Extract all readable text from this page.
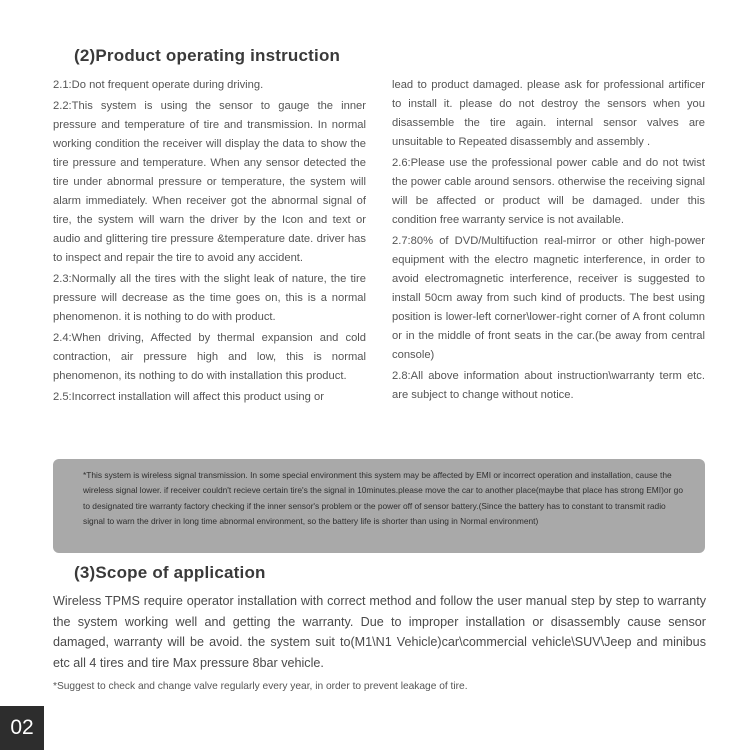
(2)Product operating instruction

2.1:Do not frequent operate during driving.

2.2:This system is using the sensor to gauge the inner pressure and temperature of tire and transmission. In normal working condition the receiver will display the data to show the tire pressure and temperature. When any sensor detected the tire under abnormal pressure or temperature, the system will alarm immediately. When receiver got the abnormal signal of tire, the system will warn the driver by the Icon and text or audio and glittering tire pressure &temperature date. driver has to inspect and repair the tire to avoid any accident.

2.3:Normally all the tires with the slight leak of nature, the tire pressure will decrease as the time goes on, this is a normal phenomenon. it is nothing to do with product.

2.4:When driving, Affected by thermal expansion and cold contraction, air pressure high and low, this is normal phenomenon, its nothing to do with installation this product.

2.5:Incorrect installation will affect this product using or

lead to product damaged. please ask for professional artificer to install it. please do not destroy the sensors when you disassemble the tire again. internal sensor valves are unsuitable to Repeated disassembly and assembly .

2.6:Please use the professional power cable and do not twist the power cable around sensors. otherwise the receiving signal will be affected or product will be damaged. under this condition free warranty service is not available.

2.7:80% of DVD/Multifuction real-mirror or other high-power equipment with the electro magnetic interference, in order to avoid electromagnetic interference, receiver is suggested to install 50cm away from such kind of products. The best using position is lower-left corner\lower-right corner of A front column or in the middle of front seats in the car.(be away from central console)

2.8:All above information about instruction\warranty term etc. are subject to change without notice.

*This system is wireless signal transmission. In some special environment this system may be affected by EMI or incorrect operation and installation, cause the wireless signal lower. if receiver couldn't recieve certain tire's the signal in 10minutes.please move the car to another place(maybe that place has strong EMI)or go to designated tire warranty factory checking if the inner sensor's problem or the power off of sensor battery.(Since the battery has to constant to transmit radio signal to warn the driver in long time abnormal environment, so the battery life is shorter than using in Normal environment)
(3)Scope of application

Wireless TPMS require operator installation with correct method and follow the user manual step by step to warranty the system working well and getting the warranty. Due to improper installation or disassembly cause sensor damaged, warranty will be avoid. the system suit to(M1\N1 Vehicle)car\commercial vehicle\SUV\Jeep and minibus etc all 4 tires and tire Max pressure 8bar vehicle.

*Suggest to check and change valve regularly every year, in order to prevent leakage of tire.

02
